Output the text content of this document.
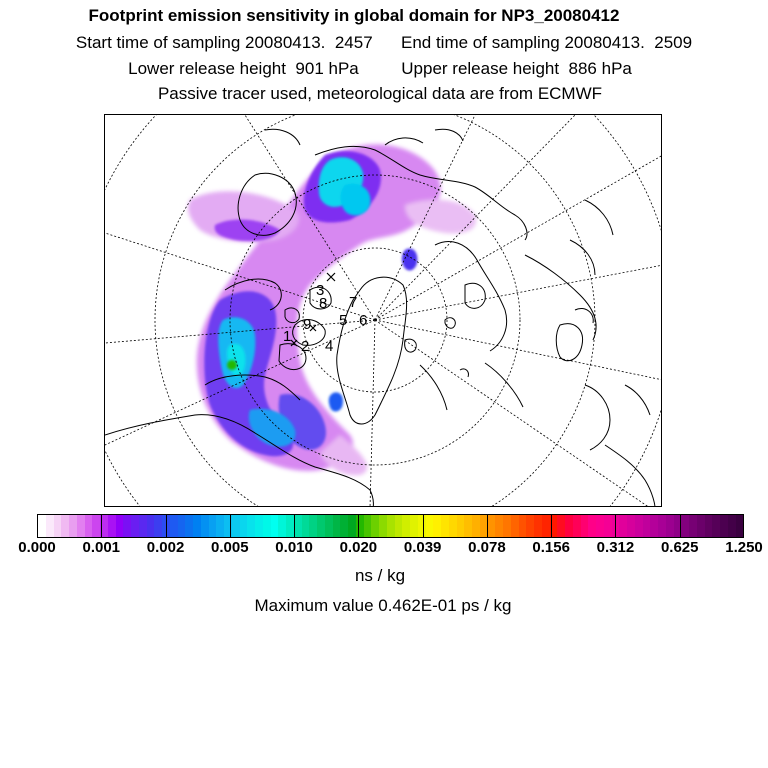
Footprint emission sensitivity in global domain for NP3_20080412
Start time of sampling 20080413.  2457      End time of sampling 20080413.  2509
Lower release height  901 hPa         Upper release height  886 hPa
Passive tracer used, meteorological data are from ECMWF
3
8 7
9 5 6
1
2 4
0.000 0.001 0.002 0.005 0.010 0.020 0.039 0.078 0.156 0.312 0.625 1.250
ns / kg
Maximum value 0.462E-01 ps / kg
